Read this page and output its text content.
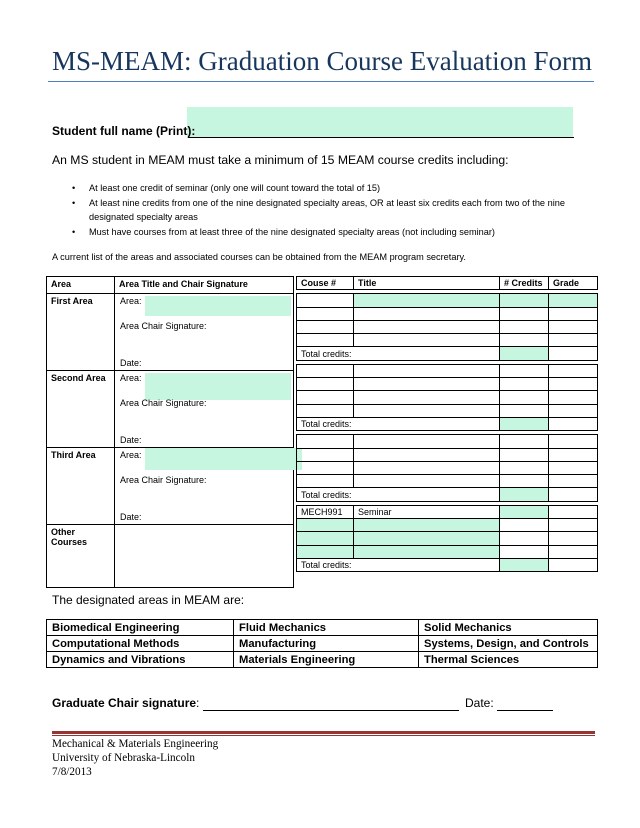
MS-MEAM: Graduation Course Evaluation Form
Student full name (Print):
An MS student in MEAM must take a minimum of 15 MEAM course credits including:
• At least one credit of seminar (only one will count toward the total of 15)
• At least nine credits from one of the nine designated specialty areas, OR at least six credits each from two of the nine designated specialty areas
• Must have courses from at least three of the nine designated specialty areas (not including seminar)
A current list of the areas and associated courses can be obtained from the MEAM program secretary.
Area	Area Title and Chair Signature
First Area	Area:
Area Chair Signature:
Date:

Second Area	Area:
Area Chair Signature:
Date:

Third Area	Area:
Area Chair Signature:
Date:

Other Courses	
Couse #	Title	# Credits	Grade

Total credits:			

Total credits:			

Total credits:			

MECH991	Seminar		

Total credits:			
The designated areas in MEAM are:
Biomedical Engineering	Fluid Mechanics	Solid Mechanics
Computational Methods	Manufacturing	Systems, Design, and Controls
Dynamics and Vibrations	Materials Engineering	Thermal Sciences
Graduate Chair signature:	Date:
Mechanical & Materials Engineering
University of Nebraska-Lincoln
7/8/2013
